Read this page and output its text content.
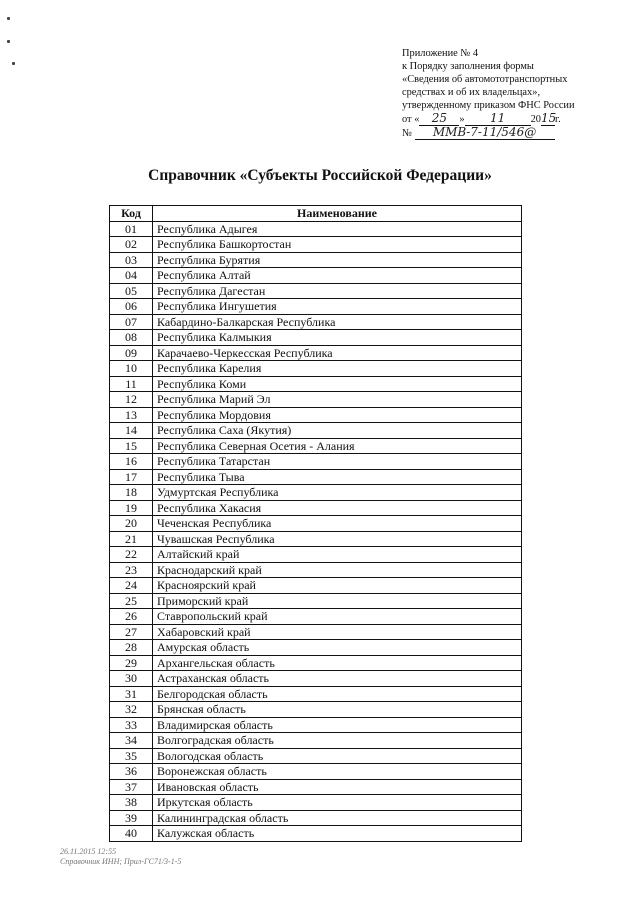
Приложение № 4
к Порядку заполнения формы
«Сведения об автомототранспортных
средствах и об их владельцах»,
утвержденному приказом ФНС России
от « 25 » 11 2015г.
№ ММВ-7-11/546@
Справочник «Субъекты Российской Федерации»
Код	Наименование
01	Республика Адыгея
02	Республика Башкортостан
03	Республика Бурятия
04	Республика Алтай
05	Республика Дагестан
06	Республика Ингушетия
07	Кабардино-Балкарская Республика
08	Республика Калмыкия
09	Карачаево-Черкесская Республика
10	Республика Карелия
11	Республика Коми
12	Республика Марий Эл
13	Республика Мордовия
14	Республика Саха (Якутия)
15	Республика Северная Осетия - Алания
16	Республика Татарстан
17	Республика Тыва
18	Удмуртская Республика
19	Республика Хакасия
20	Чеченская Республика
21	Чувашская Республика
22	Алтайский край
23	Краснодарский край
24	Красноярский край
25	Приморский край
26	Ставропольский край
27	Хабаровский край
28	Амурская область
29	Архангельская область
30	Астраханская область
31	Белгородская область
32	Брянская область
33	Владимирская область
34	Волгоградская область
35	Вологодская область
36	Воронежская область
37	Ивановская область
38	Иркутская область
39	Калининградская область
40	Калужская область
26.11.2015 12:55
Справочник ИНН; Прил-ГС71/3-1-5
